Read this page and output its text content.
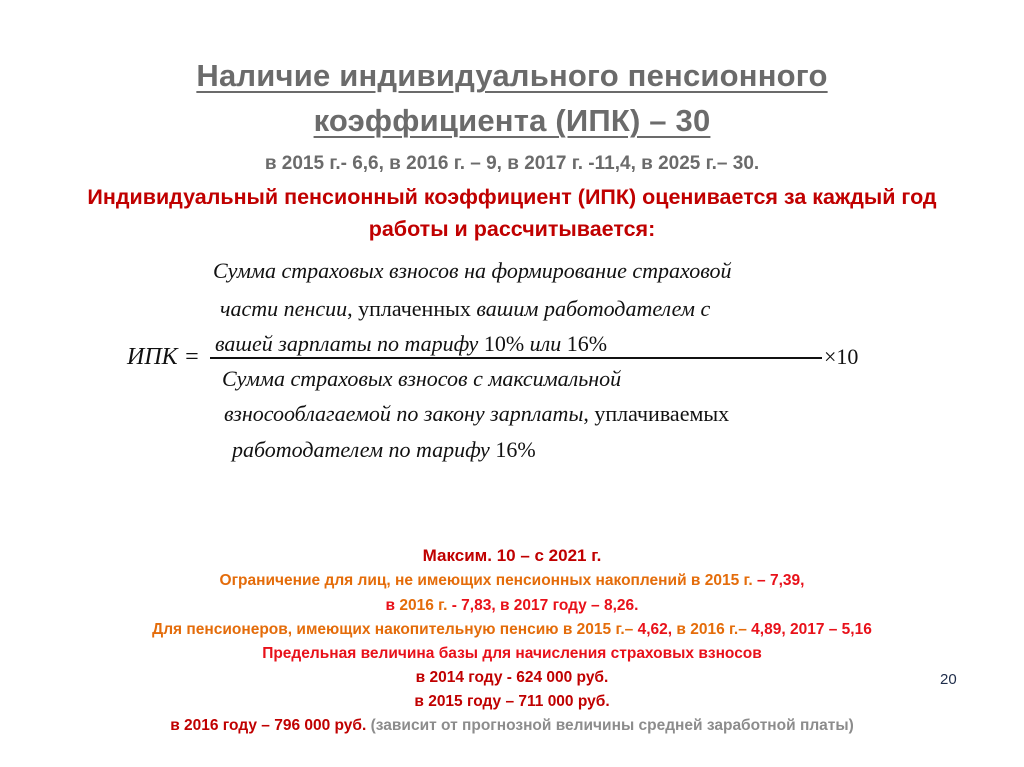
Наличие индивидуального пенсионного
коэффициента (ИПК) – 30
в 2015 г.- 6,6, в 2016 г. – 9, в 2017 г. -11,4, в 2025 г.– 30.
Индивидуальный пенсионный коэффициент (ИПК) оценивается за каждый год
работы и рассчитывается:
Сумма страховых взносов на формирование страховой
части пенсии, уплаченных вашим работодателем с
вашей зарплаты по тарифу 10% или 16%
ИПК =	×10
Сумма страховых взносов с максимальной
взносооблагаемой по закону зарплаты, уплачиваемых
работодателем по тарифу 16%
Максим. 10 – с 2021 г.
Ограничение для лиц, не имеющих пенсионных накоплений в 2015 г. – 7,39,
в 2016 г. - 7,83, в 2017 году – 8,26.
Для пенсионеров, имеющих накопительную пенсию в 2015 г.– 4,62, в 2016 г.– 4,89, 2017 – 5,16
Предельная величина базы для начисления страховых взносов
в 2014 году - 624 000 руб.
в 2015 году – 711 000 руб.
в 2016 году – 796 000 руб. (зависит от прогнозной величины средней заработной платы)
20
